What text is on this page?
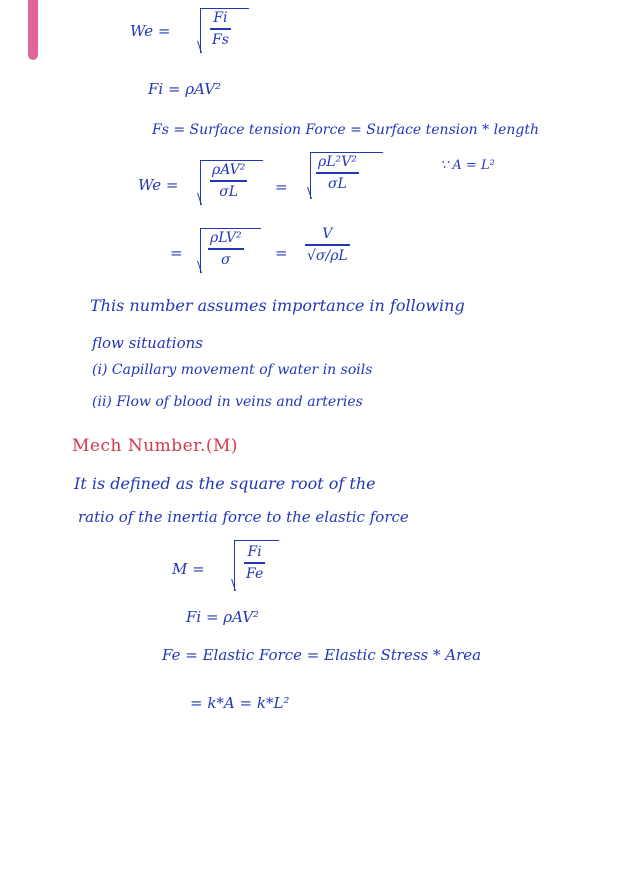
We =
Fi
Fs
Fi = ρAV²
Fs = Surface tension Force = Surface tension * length
We =
ρAV²
σL =
ρL²V²
σL
∵ A = L²
=
ρLV²
σ	=
V
√σ/ρL
This number assumes importance in following
flow situations
(i) Capillary movement of water in soils
(ii) Flow of blood in veins and arteries
Mech Number.(M)
It is defined as the square root of the
ratio of the inertia force to the elastic force
M =
Fi
Fe
Fi = ρAV²
Fe = Elastic Force = Elastic Stress * Area
= k*A = k*L²
